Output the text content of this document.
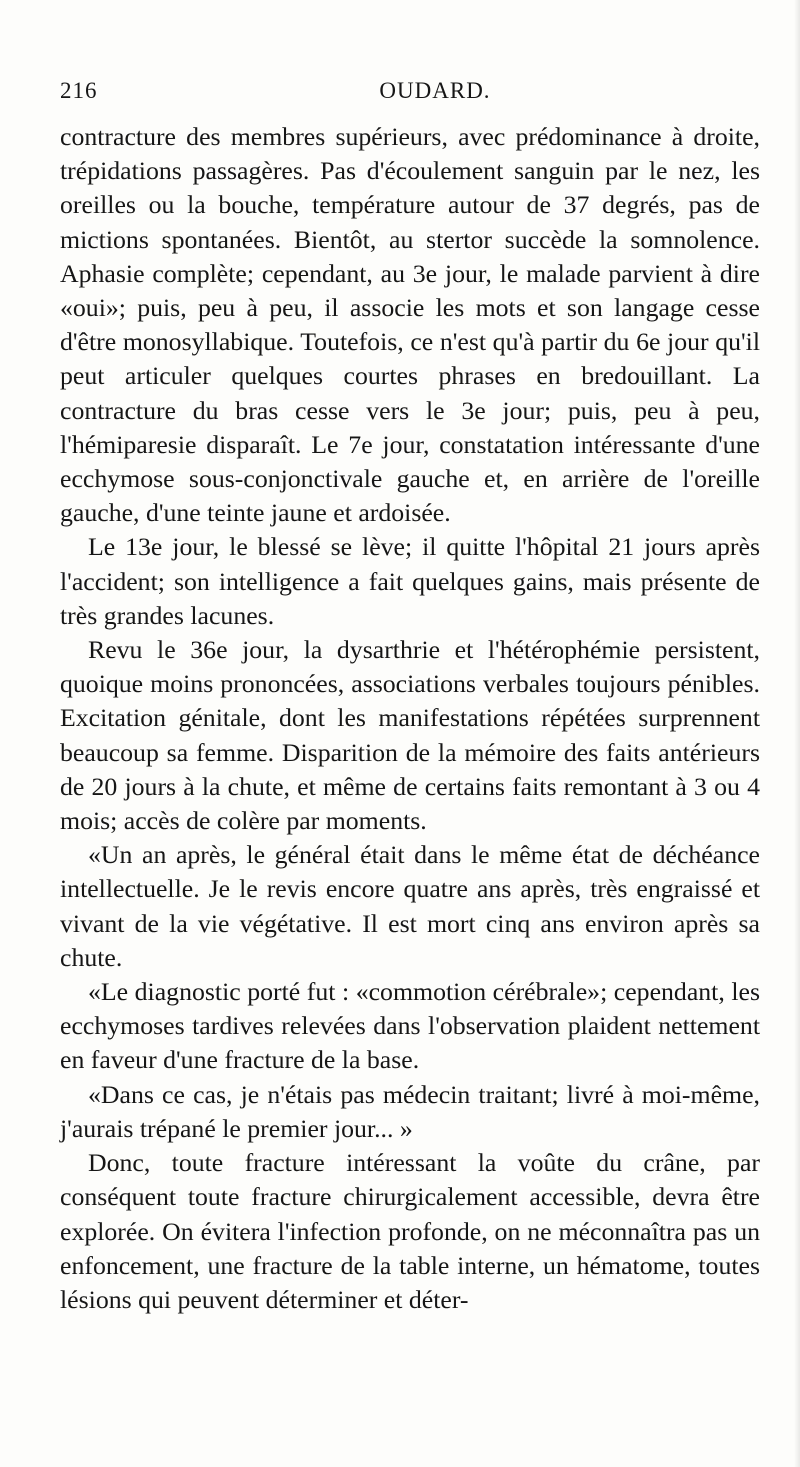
216	OUDARD.

contracture des membres supérieurs, avec prédominance à droite, trépidations passagères. Pas d'écoulement sanguin par le nez, les oreilles ou la bouche, température autour de 37 degrés, pas de mictions spontanées. Bientôt, au stertor succède la somnolence. Aphasie complète; cependant, au 3e jour, le malade parvient à dire «oui»; puis, peu à peu, il associe les mots et son langage cesse d'être monosyllabique. Toutefois, ce n'est qu'à partir du 6e jour qu'il peut articuler quelques courtes phrases en bredouillant. La contracture du bras cesse vers le 3e jour; puis, peu à peu, l'hémiparesie disparaît. Le 7e jour, constatation intéressante d'une ecchymose sous-conjonctivale gauche et, en arrière de l'oreille gauche, d'une teinte jaune et ardoisée.

Le 13e jour, le blessé se lève; il quitte l'hôpital 21 jours après l'accident; son intelligence a fait quelques gains, mais présente de très grandes lacunes.

Revu le 36e jour, la dysarthrie et l'hétérophémie persistent, quoique moins prononcées, associations verbales toujours pénibles. Excitation génitale, dont les manifestations répétées surprennent beaucoup sa femme. Disparition de la mémoire des faits antérieurs de 20 jours à la chute, et même de certains faits remontant à 3 ou 4 mois; accès de colère par moments.

«Un an après, le général était dans le même état de déchéance intellectuelle. Je le revis encore quatre ans après, très engraissé et vivant de la vie végétative. Il est mort cinq ans environ après sa chute.

«Le diagnostic porté fut : «commotion cérébrale»; cependant, les ecchymoses tardives relevées dans l'observation plaident nettement en faveur d'une fracture de la base.

«Dans ce cas, je n'étais pas médecin traitant; livré à moi-même, j'aurais trépané le premier jour... »

Donc, toute fracture intéressant la voûte du crâne, par conséquent toute fracture chirurgicalement accessible, devra être explorée. On évitera l'infection profonde, on ne méconnaîtra pas un enfoncement, une fracture de la table interne, un hématome, toutes lésions qui peuvent déterminer et déter-
